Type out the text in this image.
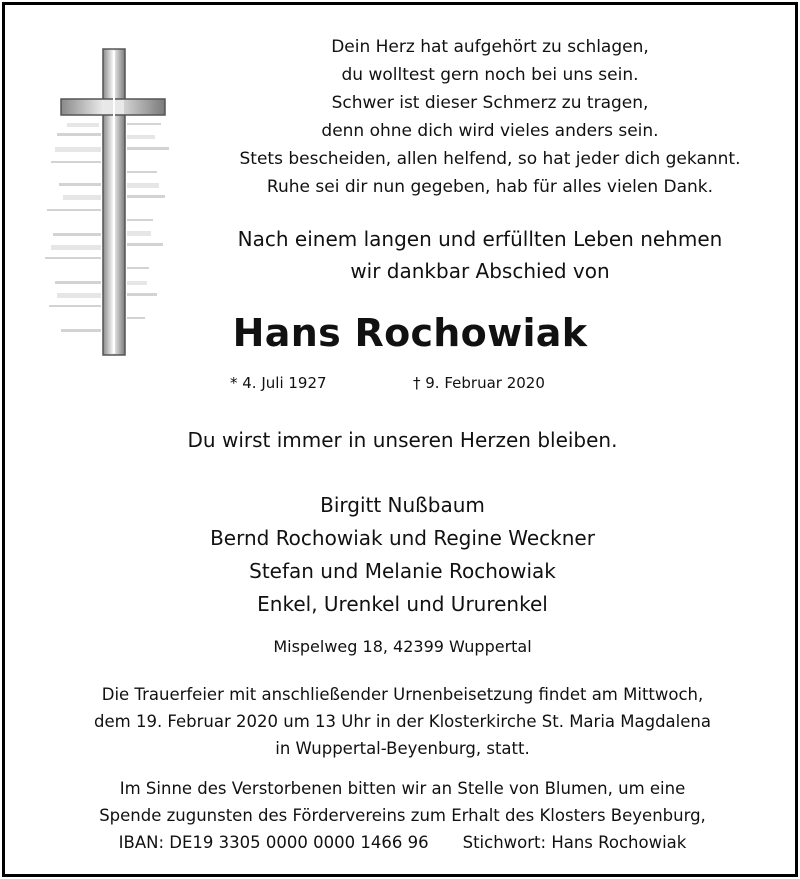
Dein Herz hat aufgehört zu schlagen,
du wolltest gern noch bei uns sein.
Schwer ist dieser Schmerz zu tragen,
denn ohne dich wird vieles anders sein.
Stets bescheiden, allen helfend, so hat jeder dich gekannt.
Ruhe sei dir nun gegeben, hab für alles vielen Dank.
Nach einem langen und erfüllten Leben nehmen
wir dankbar Abschied von
Hans Rochowiak
* 4. Juli 1927	† 9. Februar 2020
Du wirst immer in unseren Herzen bleiben.
Birgitt Nußbaum
Bernd Rochowiak und Regine Weckner
Stefan und Melanie Rochowiak
Enkel, Urenkel und Ururenkel
Mispelweg 18, 42399 Wuppertal
Die Trauerfeier mit anschließender Urnenbeisetzung findet am Mittwoch,
dem 19. Februar 2020 um 13 Uhr in der Klosterkirche St. Maria Magdalena
in Wuppertal-Beyenburg, statt.
Im Sinne des Verstorbenen bitten wir an Stelle von Blumen, um eine
Spende zugunsten des Fördervereins zum Erhalt des Klosters Beyenburg,
IBAN: DE19 3305 0000 0000 1466 96 Stichwort: Hans Rochowiak
